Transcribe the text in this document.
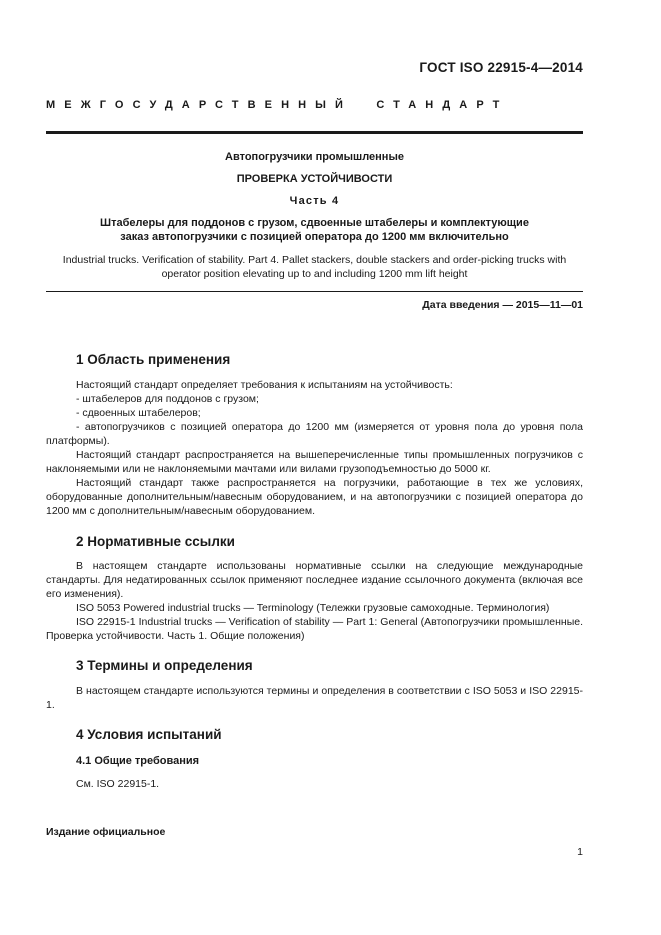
ГОСТ ISO 22915-4—2014
МЕЖГОСУДАРСТВЕННЫЙ  СТАНДАРТ
Автопогрузчики промышленные
ПРОВЕРКА УСТОЙЧИВОСТИ
Часть 4
Штабелеры для поддонов с грузом, сдвоенные штабелеры и комплектующие заказ автопогрузчики с позицией оператора до 1200 мм включительно
Industrial trucks. Verification of stability. Part 4. Pallet stackers, double stackers and order-picking trucks with operator position elevating up to and including 1200 mm lift height
Дата введения — 2015—11—01
1 Область применения

Настоящий стандарт определяет требования к испытаниям на устойчивость:

- штабелеров для поддонов с грузом;

- сдвоенных штабелеров;

- автопогрузчиков с позицией оператора до 1200 мм (измеряется от уровня пола до уровня пола платформы).

Настоящий стандарт распространяется на вышеперечисленные типы промышленных погрузчиков с наклоняемыми или не наклоняемыми мачтами или вилами грузоподъемностью до 5000 кг.

Настоящий стандарт также распространяется на погрузчики, работающие в тех же условиях, оборудованные дополнительным/навесным оборудованием, и на автопогрузчики с позицией оператора до 1200 мм с дополнительным/навесным оборудованием.

2 Нормативные ссылки

В настоящем стандарте использованы нормативные ссылки на следующие международные стандарты. Для недатированных ссылок применяют последнее издание ссылочного документа (включая все его изменения).

ISO 5053 Powered industrial trucks — Terminology (Тележки грузовые самоходные. Терминология)

ISO 22915-1 Industrial trucks — Verification of stability — Part 1: General (Автопогрузчики промышленные. Проверка устойчивости. Часть 1. Общие положения)

3 Термины и определения

В настоящем стандарте используются термины и определения в соответствии с ISO 5053 и ISO 22915-1.

4 Условия испытаний
4.1 Общие требования

См. ISO 22915-1.

Издание официальное
1
